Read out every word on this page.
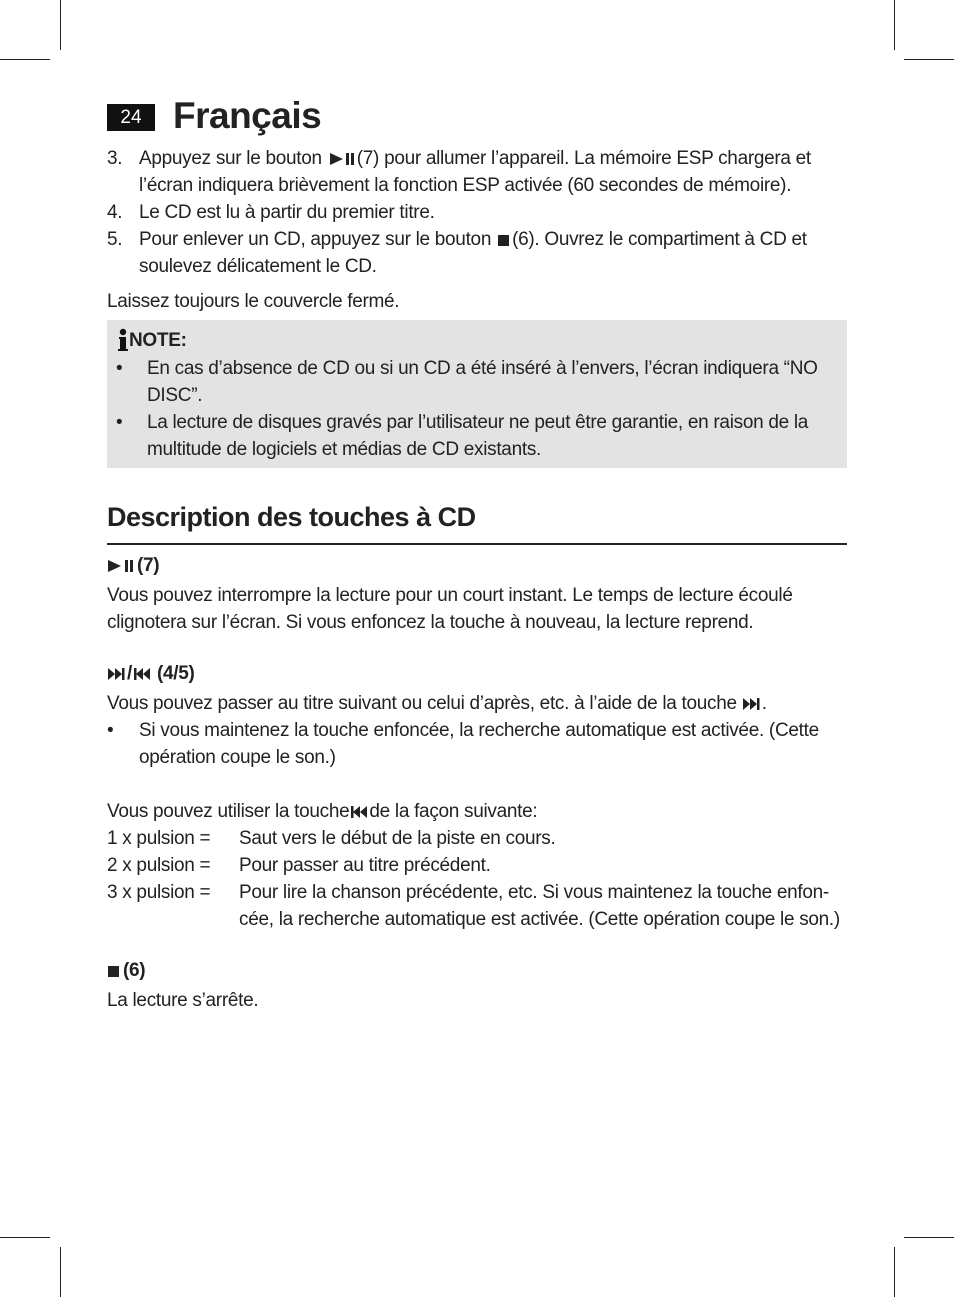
24 Français
3. Appuyez sur le bouton (7) pour allumer l’appareil. La mémoire ESP chargera et
l’écran indiquera brièvement la fonction ESP activée (60 secondes de mémoire).
4. Le CD est lu à partir du premier titre.
5. Pour enlever un CD, appuyez sur le bouton (6). Ouvrez le compartiment à CD et
soulevez délicatement le CD.
Laissez toujours le couvercle fermé.
NOTE:
• En cas d’absence de CD ou si un CD a été inséré à l’envers, l’écran indiquera “NO
DISC”.
• La lecture de disques gravés par l’utilisateur ne peut être garantie, en raison de la
multitude de logiciels et médias de CD existants.
Description des touches à CD
(7)
Vous pouvez interrompre la lecture pour un court instant. Le temps de lecture écoulé
clignotera sur l’écran. Si vous enfoncez la touche à nouveau, la lecture reprend.
/ (4/5)
Vous pouvez passer au titre suivant ou celui d’après, etc. à l’aide de la touche .
• Si vous maintenez la touche enfoncée, la recherche automatique est activée. (Cette
opération coupe le son.)
Vous pouvez utiliser la touche de la façon suivante:
1 x pulsion = Saut vers le début de la piste en cours.
2 x pulsion = Pour passer au titre précédent.
3 x pulsion = Pour lire la chanson précédente, etc. Si vous maintenez la touche enfon-
cée, la recherche automatique est activée. (Cette opération coupe le son.)
(6)
La lecture s’arrête.
